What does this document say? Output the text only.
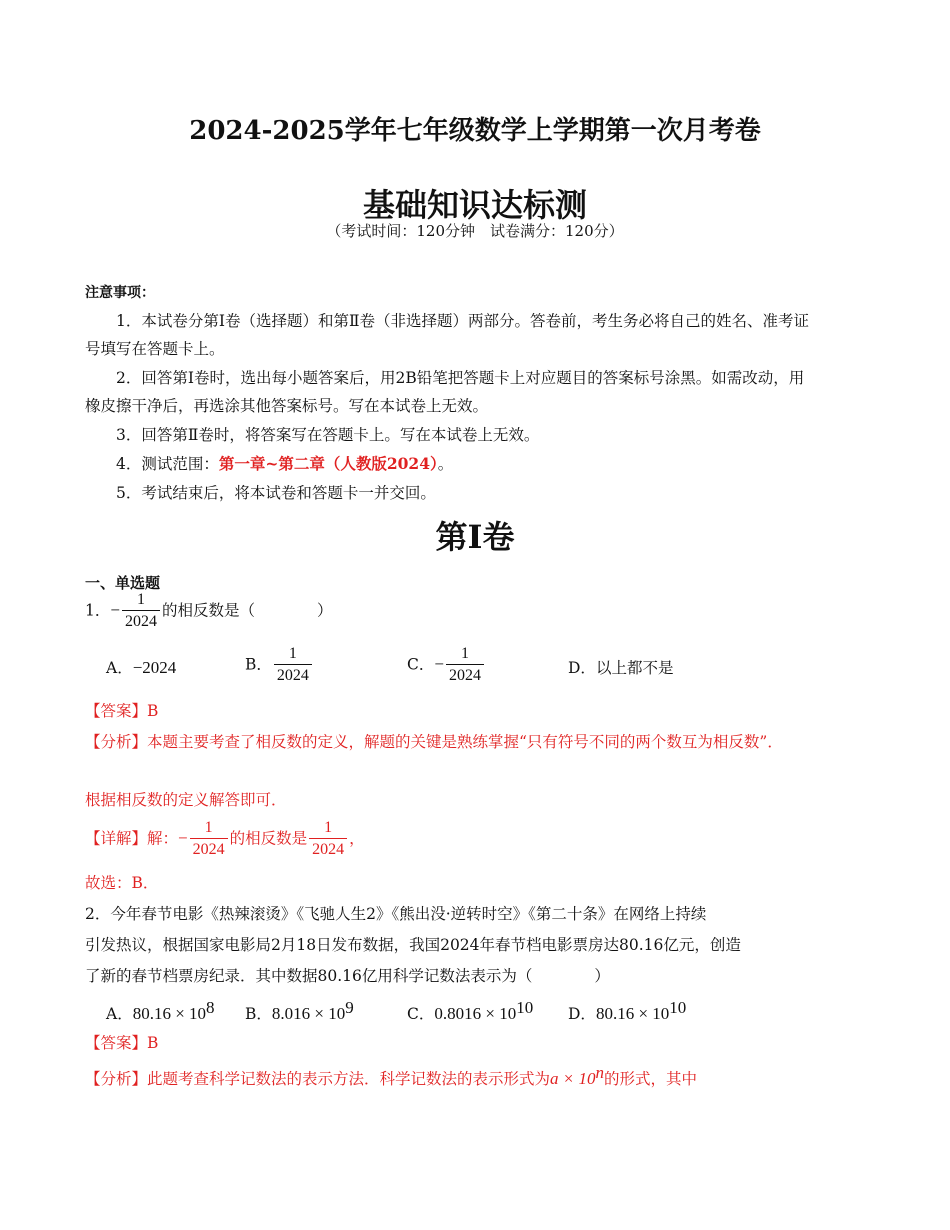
2024-2025学年七年级数学上学期第一次月考卷
基础知识达标测
（考试时间：120分钟　试卷满分：120分）
注意事项：
1．本试卷分第Ⅰ卷（选择题）和第Ⅱ卷（非选择题）两部分。答卷前，考生务必将自己的姓名、准考证号填写在答题卡上。
2．回答第Ⅰ卷时，选出每小题答案后，用2B铅笔把答题卡上对应题目的答案标号涂黑。如需改动，用橡皮擦干净后，再选涂其他答案标号。写在本试卷上无效。
3．回答第Ⅱ卷时，将答案写在答题卡上。写在本试卷上无效。
4．测试范围：第一章~第二章（人教版2024）。
5．考试结束后，将本试卷和答题卡一并交回。
第Ⅰ卷
一、单选题
1．− $\frac{1}{2024}$ 的相反数是（　　　　）
A．−2024	B． $\frac{1}{2024}$	C．− $\frac{1}{2024}$	D．以上都不是
【答案】B
【分析】本题主要考查了相反数的定义，解题的关键是熟练掌握“只有符号不同的两个数互为相反数”．
根据相反数的定义解答即可．
【详解】解：− $\frac{1}{2024}$ 的相反数是 $\frac{1}{2024}$ ，
故选：B．
2．今年春节电影《热辣滚烫》《飞驰人生2》《熊出没·逆转时空》《第二十条》在网络上持续
引发热议，根据国家电影局2月18日发布数据，我国2024年春节档电影票房达80.16亿元，创造
了新的春节档票房纪录．其中数据80.16亿用科学记数法表示为（　　　　）
A．$80.16 \times 10^8$ B．$8.016 \times 10^9$	C．$0.8016 \times 10^{10}$ D．$80.16 \times 10^{10}$
【答案】B
【分析】此题考查科学记数法的表示方法．科学记数法的表示形式为$a \times 10^n$的形式，其中
